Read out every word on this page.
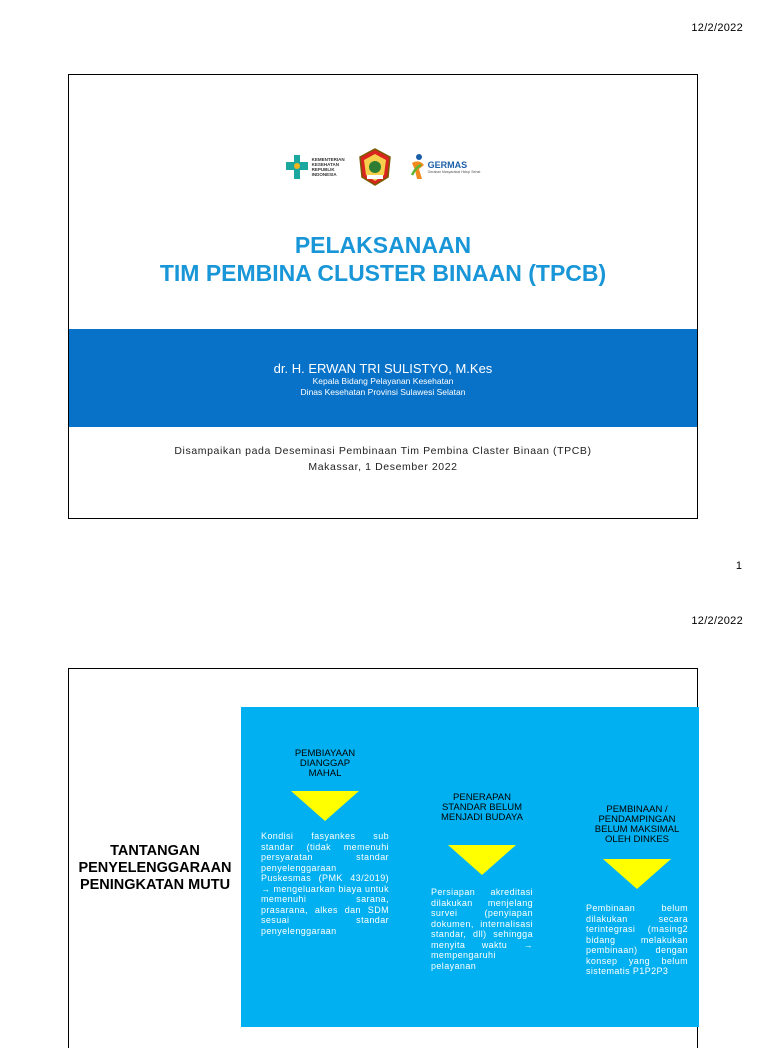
12/2/2022
KEMENTERIAN KESEHATAN REPUBLIK INDONESIA
GERMAS
Gerakan Masyarakat Hidup Sehat
PELAKSANAAN
TIM PEMBINA CLUSTER BINAAN (TPCB)
dr. H. ERWAN TRI SULISTYO, M.Kes
Kepala Bidang Pelayanan Kesehatan
Dinas Kesehatan Provinsi Sulawesi Selatan
Disampaikan pada Deseminasi Pembinaan Tim Pembina Claster Binaan (TPCB)
Makassar, 1 Desember 2022
1
12/2/2022
TANTANGAN PENYELENGGARAAN PENINGKATAN MUTU
PEMBIAYAAN DIANGGAP MAHAL
Kondisi fasyankes sub standar (tidak memenuhi persyaratan standar penyelenggaraan Puskesmas (PMK 43/2019) → mengeluarkan biaya untuk memenuhi sarana, prasarana, alkes dan SDM sesuai standar penyelenggaraan
PENERAPAN STANDAR BELUM MENJADI BUDAYA
Persiapan akreditasi dilakukan menjelang survei (penyiapan dokumen, internalisasi standar, dll) sehingga menyita waktu → mempengaruhi pelayanan
PEMBINAAN / PENDAMPINGAN BELUM MAKSIMAL OLEH DINKES
Pembinaan belum dilakukan secara terintegrasi (masing2 bidang melakukan pembinaan) dengan konsep yang belum sistematis P1P2P3
